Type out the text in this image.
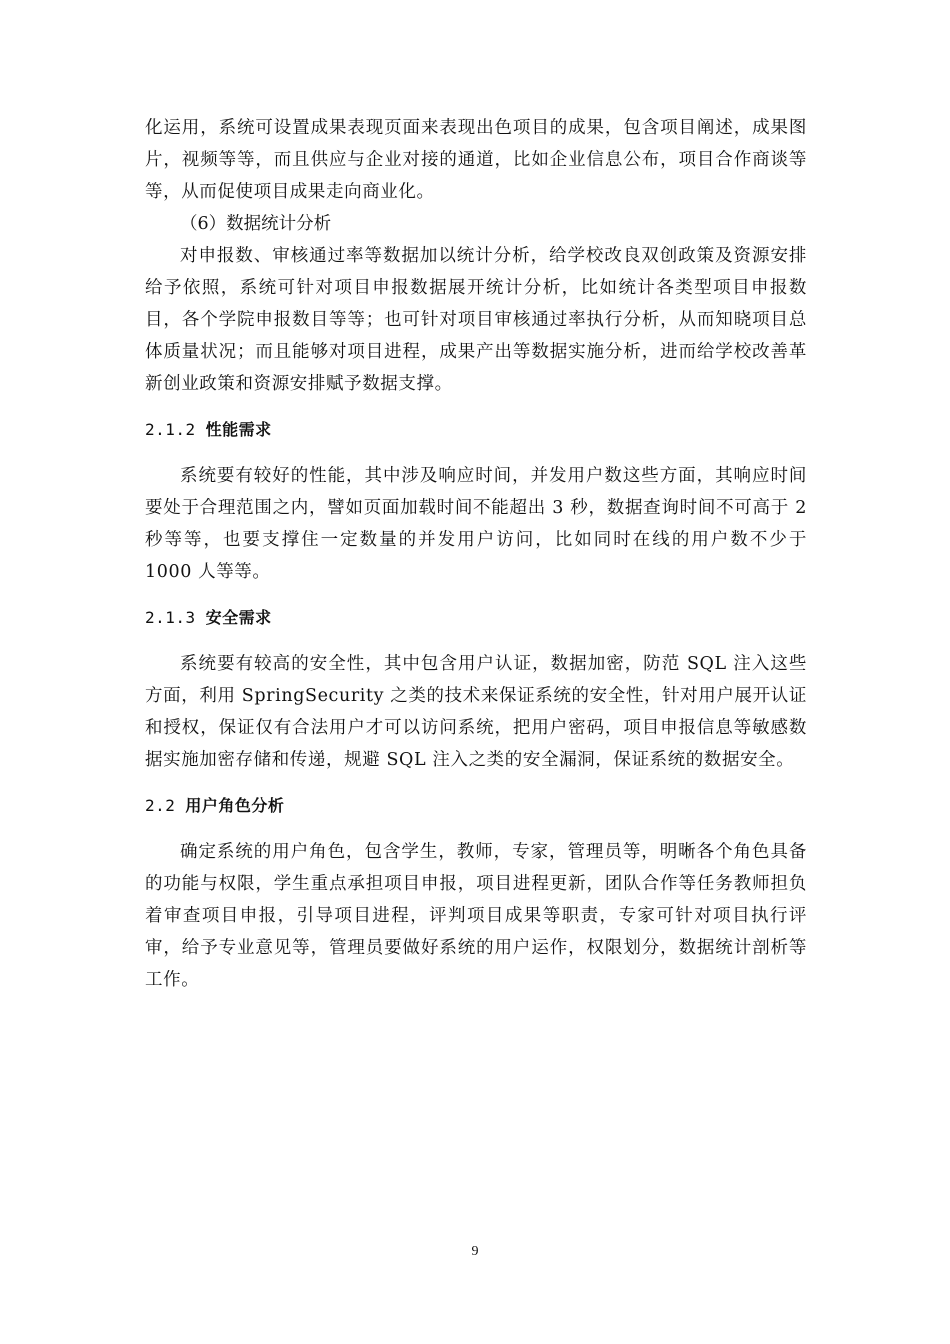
化运用，系统可设置成果表现页面来表现出色项目的成果，包含项目阐述，成果图片，视频等等，而且供应与企业对接的通道，比如企业信息公布，项目合作商谈等等，从而促使项目成果走向商业化。

（6）数据统计分析

对申报数、审核通过率等数据加以统计分析，给学校改良双创政策及资源安排给予依照，系统可针对项目申报数据展开统计分析，比如统计各类型项目申报数目，各个学院申报数目等等；也可针对项目审核通过率执行分析，从而知晓项目总体质量状况；而且能够对项目进程，成果产出等数据实施分析，进而给学校改善革新创业政策和资源安排赋予数据支撑。

2.1.2 性能需求

系统要有较好的性能，其中涉及响应时间，并发用户数这些方面，其响应时间要处于合理范围之内，譬如页面加载时间不能超出 3 秒，数据查询时间不可高于 2 秒等等，也要支撑住一定数量的并发用户访问，比如同时在线的用户数不少于 1000 人等等。

2.1.3 安全需求

系统要有较高的安全性，其中包含用户认证，数据加密，防范 SQL 注入这些方面，利用 SpringSecurity 之类的技术来保证系统的安全性，针对用户展开认证和授权，保证仅有合法用户才可以访问系统，把用户密码，项目申报信息等敏感数据实施加密存储和传递，规避 SQL 注入之类的安全漏洞，保证系统的数据安全。

2.2 用户角色分析

确定系统的用户角色，包含学生，教师，专家，管理员等，明晰各个角色具备的功能与权限，学生重点承担项目申报，项目进程更新，团队合作等任务教师担负着审查项目申报，引导项目进程，评判项目成果等职责，专家可针对项目执行评审，给予专业意见等，管理员要做好系统的用户运作，权限划分，数据统计剖析等工作。

9
